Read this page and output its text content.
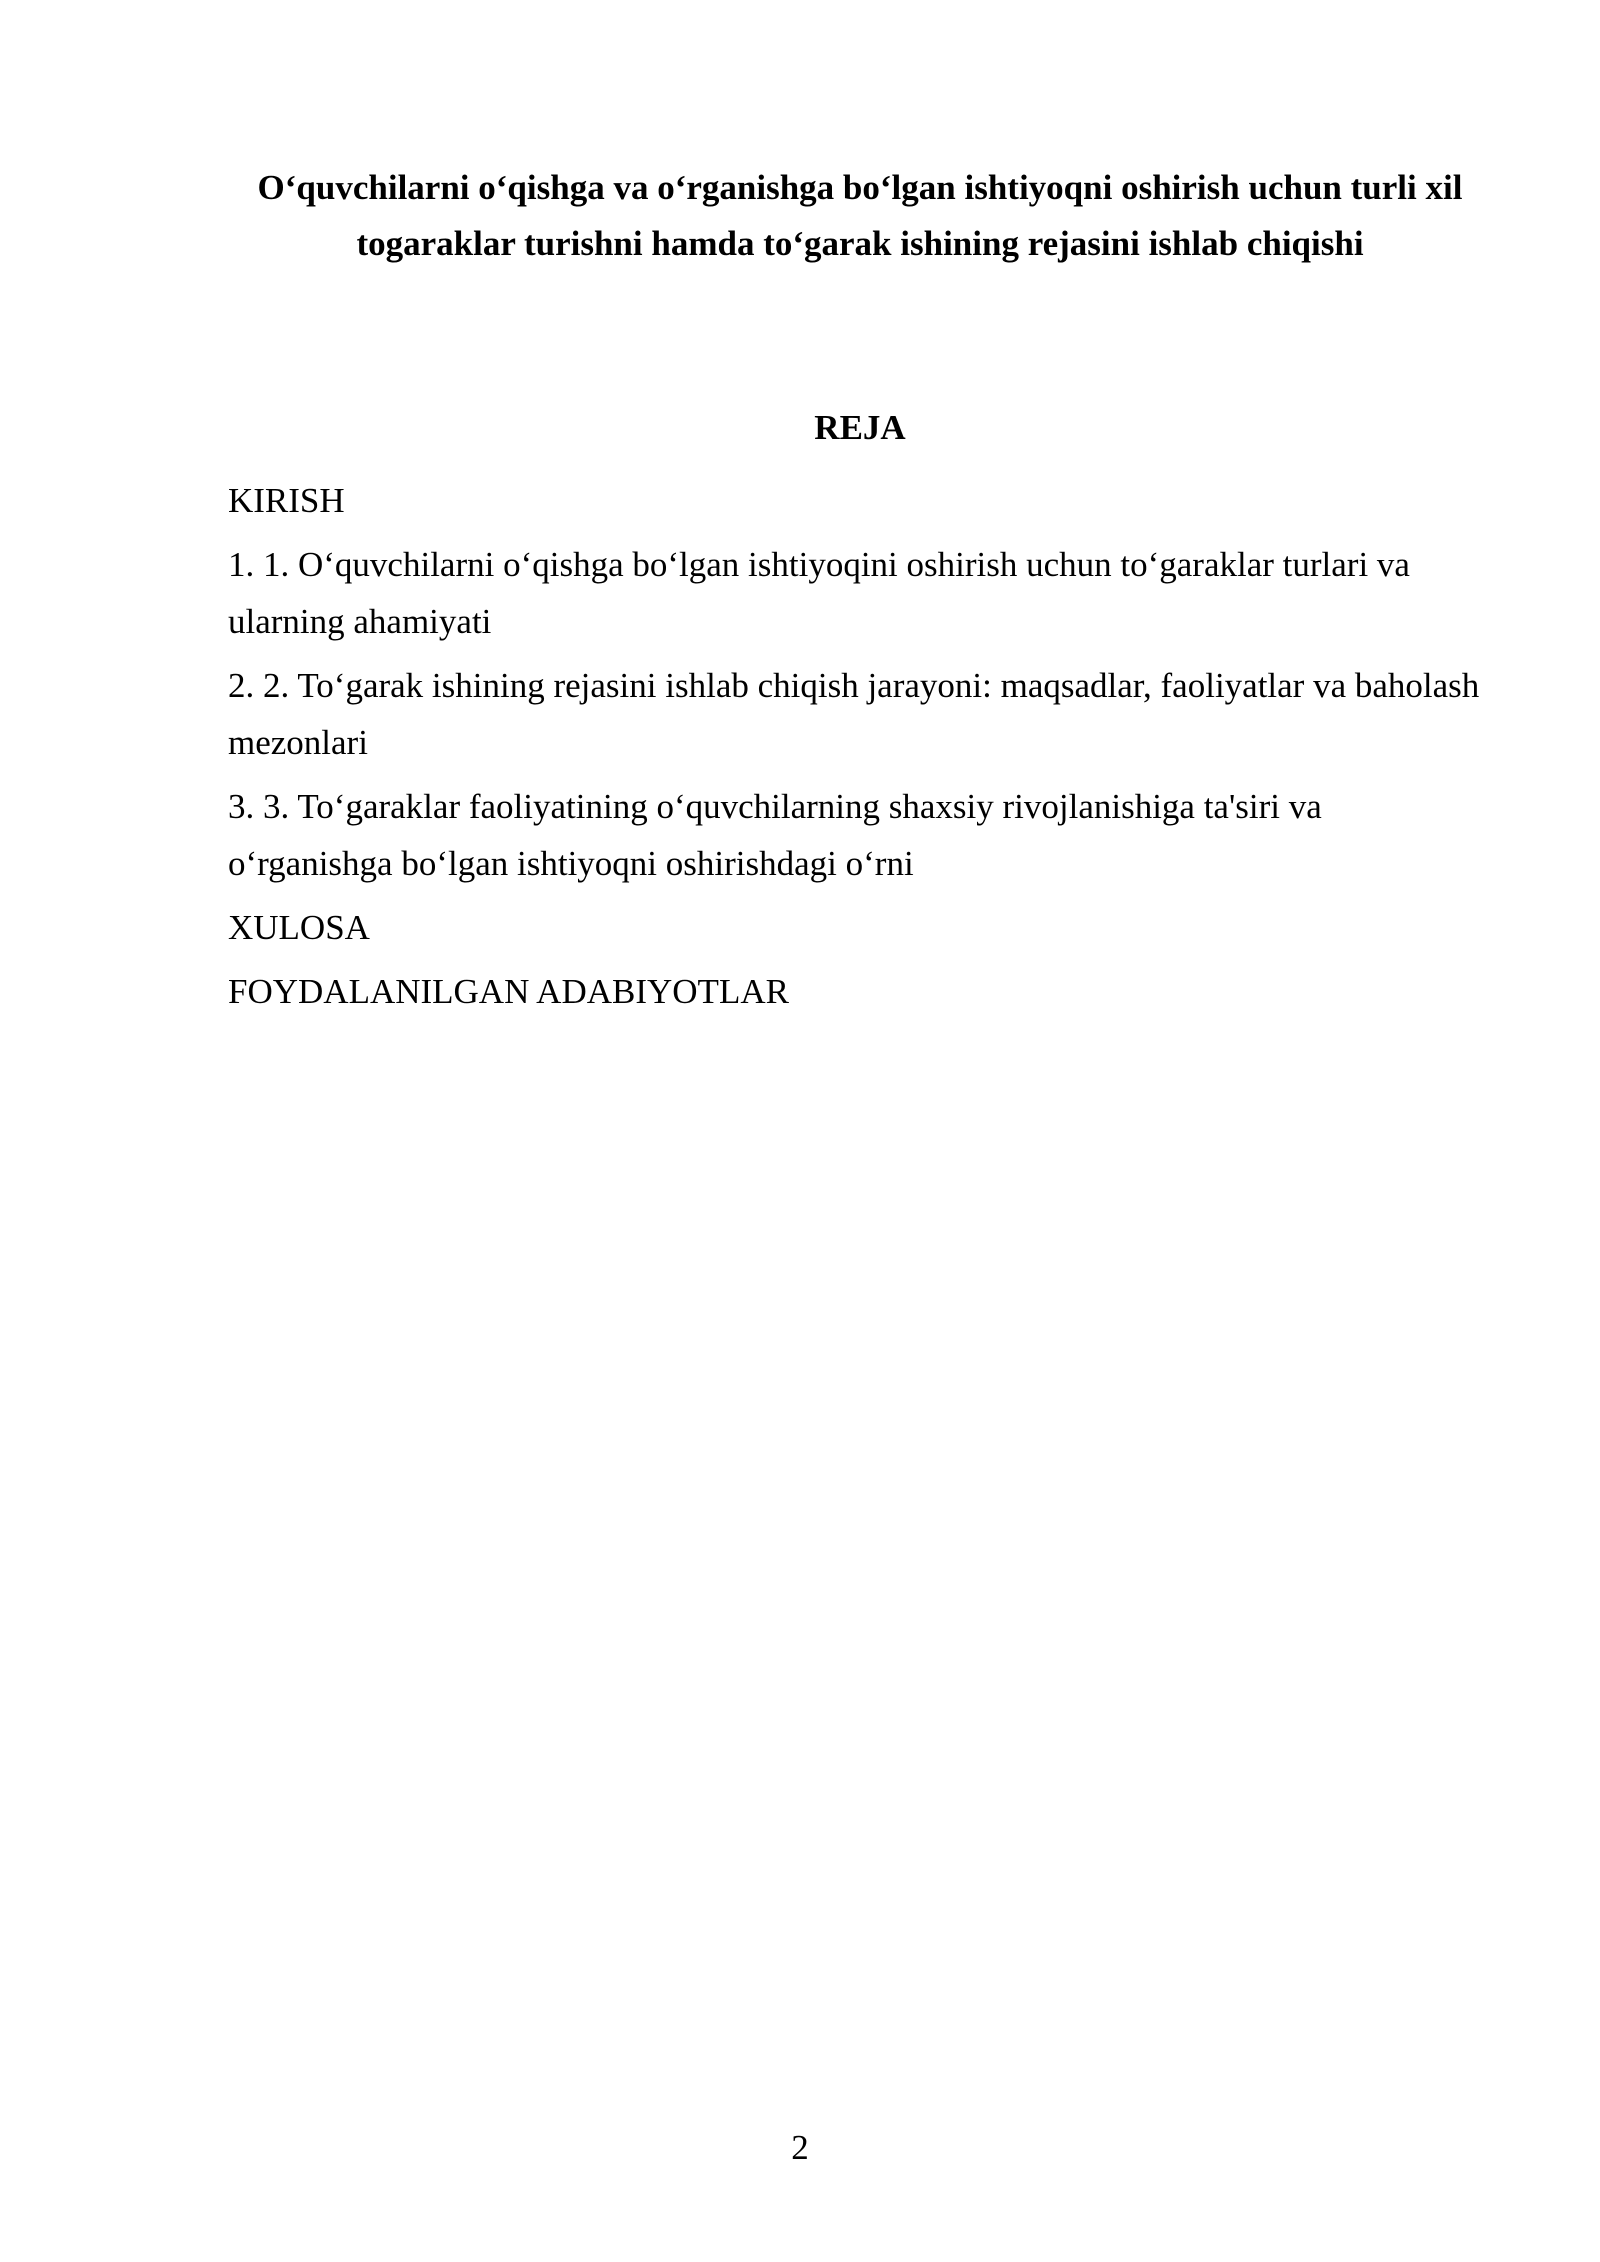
O‘quvchilarni o‘qishga va o‘rganishga bo‘lgan ishtiyoqni oshirish uchun turli xil togaraklar turishni hamda to‘garak ishining rejasini ishlab chiqishi
REJA
KIRISH
1. 1. O‘quvchilarni o‘qishga bo‘lgan ishtiyoqini oshirish uchun to‘garaklar turlari va ularning ahamiyati
2. 2. To‘garak ishining rejasini ishlab chiqish jarayoni: maqsadlar, faoliyatlar va baholash mezonlari
3. 3. To‘garaklar faoliyatining o‘quvchilarning shaxsiy rivojlanishiga ta'siri va o‘rganishga bo‘lgan ishtiyoqni oshirishdagi o‘rni
XULOSA
FOYDALANILGAN ADABIYOTLAR
2
